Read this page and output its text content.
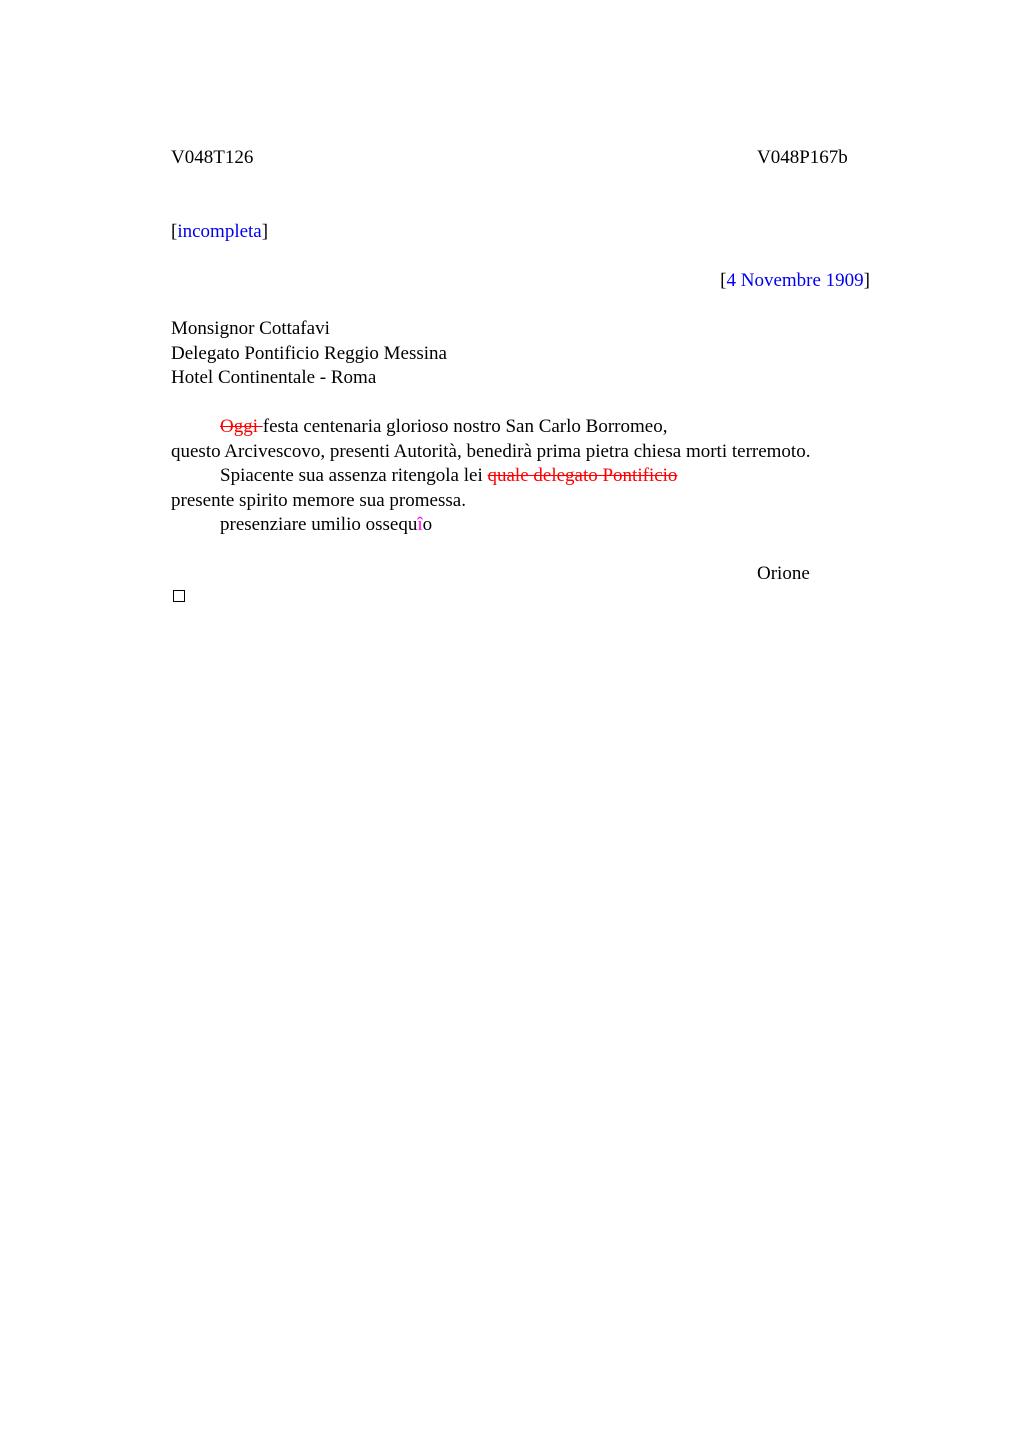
V048T126	V048P167b
[incompleta]
[4 Novembre 1909]
Monsignor Cottafavi
Delegato Pontificio Reggio Messina
Hotel Continentale - Roma
Oggi festa centenaria glorioso nostro San Carlo Borromeo,
questo Arcivescovo, presenti Autorità, benedirà prima pietra chiesa morti terremoto.
Spiacente sua assenza ritengola lei quale delegato Pontificio
presente spirito memore sua promessa.
presenziare umilio ossequîo
Orione
